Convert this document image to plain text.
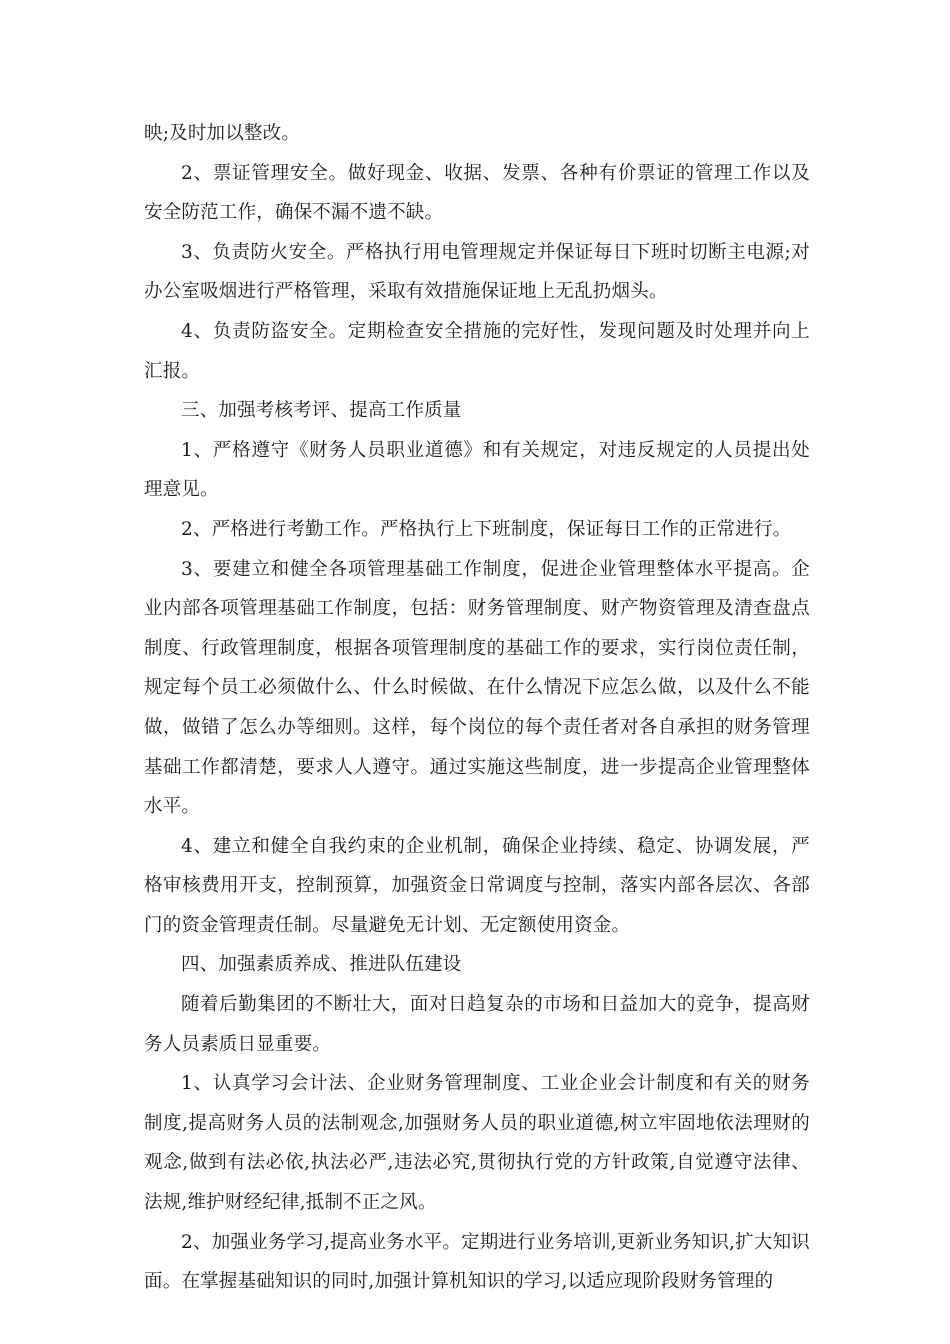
映;及时加以整改。

2、票证管理安全。做好现金、收据、发票、各种有价票证的管理工作以及安全防范工作，确保不漏不遗不缺。

3、负责防火安全。严格执行用电管理规定并保证每日下班时切断主电源;对办公室吸烟进行严格管理，采取有效措施保证地上无乱扔烟头。

4、负责防盗安全。定期检查安全措施的完好性，发现问题及时处理并向上汇报。

三、加强考核考评、提高工作质量

1、严格遵守《财务人员职业道德》和有关规定，对违反规定的人员提出处理意见。

2、严格进行考勤工作。严格执行上下班制度，保证每日工作的正常进行。

3、要建立和健全各项管理基础工作制度，促进企业管理整体水平提高。企业内部各项管理基础工作制度，包括：财务管理制度、财产物资管理及清查盘点制度、行政管理制度，根据各项管理制度的基础工作的要求，实行岗位责任制，规定每个员工必须做什么、什么时候做、在什么情况下应怎么做，以及什么不能做，做错了怎么办等细则。这样，每个岗位的每个责任者对各自承担的财务管理基础工作都清楚，要求人人遵守。通过实施这些制度，进一步提高企业管理整体水平。

4、建立和健全自我约束的企业机制，确保企业持续、稳定、协调发展，严格审核费用开支，控制预算，加强资金日常调度与控制，落实内部各层次、各部门的资金管理责任制。尽量避免无计划、无定额使用资金。

四、加强素质养成、推进队伍建设

随着后勤集团的不断壮大，面对日趋复杂的市场和日益加大的竞争，提高财务人员素质日显重要。

1、认真学习会计法、企业财务管理制度、工业企业会计制度和有关的财务制度,提高财务人员的法制观念,加强财务人员的职业道德,树立牢固地依法理财的观念,做到有法必依,执法必严,违法必究,贯彻执行党的方针政策,自觉遵守法律、法规,维护财经纪律,抵制不正之风。

2、加强业务学习,提高业务水平。定期进行业务培训,更新业务知识,扩大知识面。在掌握基础知识的同时,加强计算机知识的学习,以适应现阶段财务管理的
